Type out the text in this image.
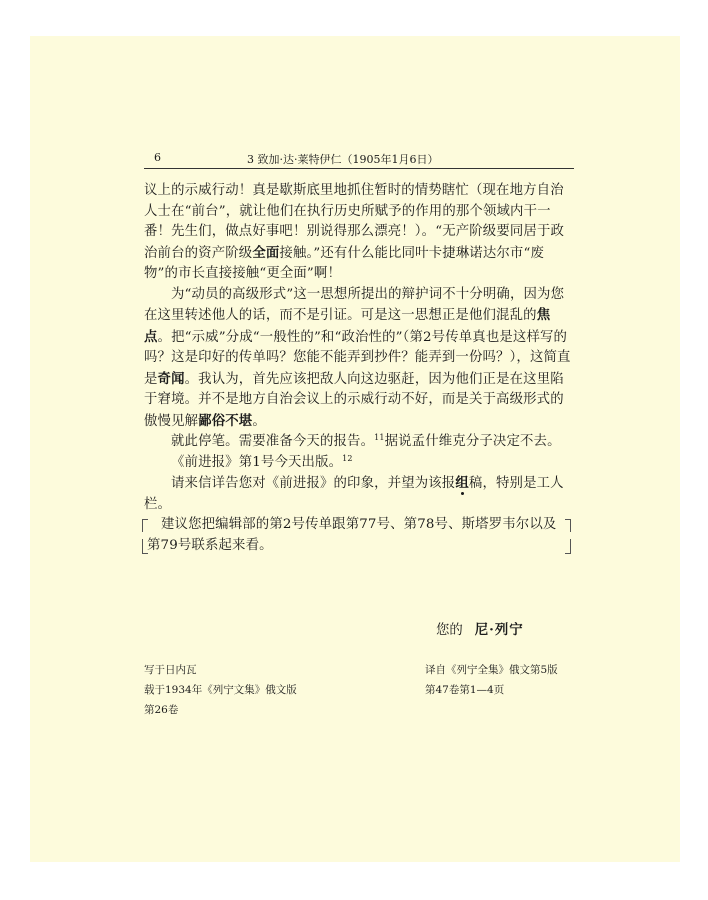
6	3 致加·达·莱特伊仁（1905年1月6日）

议上的示威行动！真是歇斯底里地抓住暂时的情势瞎忙（现在地方自治人士在“前台”，就让他们在执行历史所赋予的作用的那个领域内干一番！先生们，做点好事吧！别说得那么漂亮！）。“无产阶级要同居于政治前台的资产阶级全面接触。”还有什么能比同叶卡捷琳诺达尔市“废物”的市长直接接触“更全面”啊！

为“动员的高级形式”这一思想所提出的辩护词不十分明确，因为您在这里转述他人的话，而不是引证。可是这一思想正是他们混乱的焦点。把“示威”分成“一般性的”和“政治性的”（第2号传单真也是这样写的吗？这是印好的传单吗？您能不能弄到抄件？能弄到一份吗？），这简直是奇闻。我认为，首先应该把敌人向这边驱赶，因为他们正是在这里陷于窘境。并不是地方自治会议上的示威行动不好，而是关于高级形式的傲慢见解鄙俗不堪。

就此停笔。需要准备今天的报告。$^{11}$据说孟什维克分子决定不去。

《前进报》第1号今天出版。$^{12}$

请来信详告您对《前进报》的印象，并望为该报组稿，特别是工人栏。

建议您把编辑部的第2号传单跟第77号、第78号、斯塔罗韦尔以及第79号联系起来看。

您的 尼·列宁
写于日内瓦
载于1934年《列宁文集》俄文版
第26卷
译自《列宁全集》俄文第5版
第47卷第1—4页
